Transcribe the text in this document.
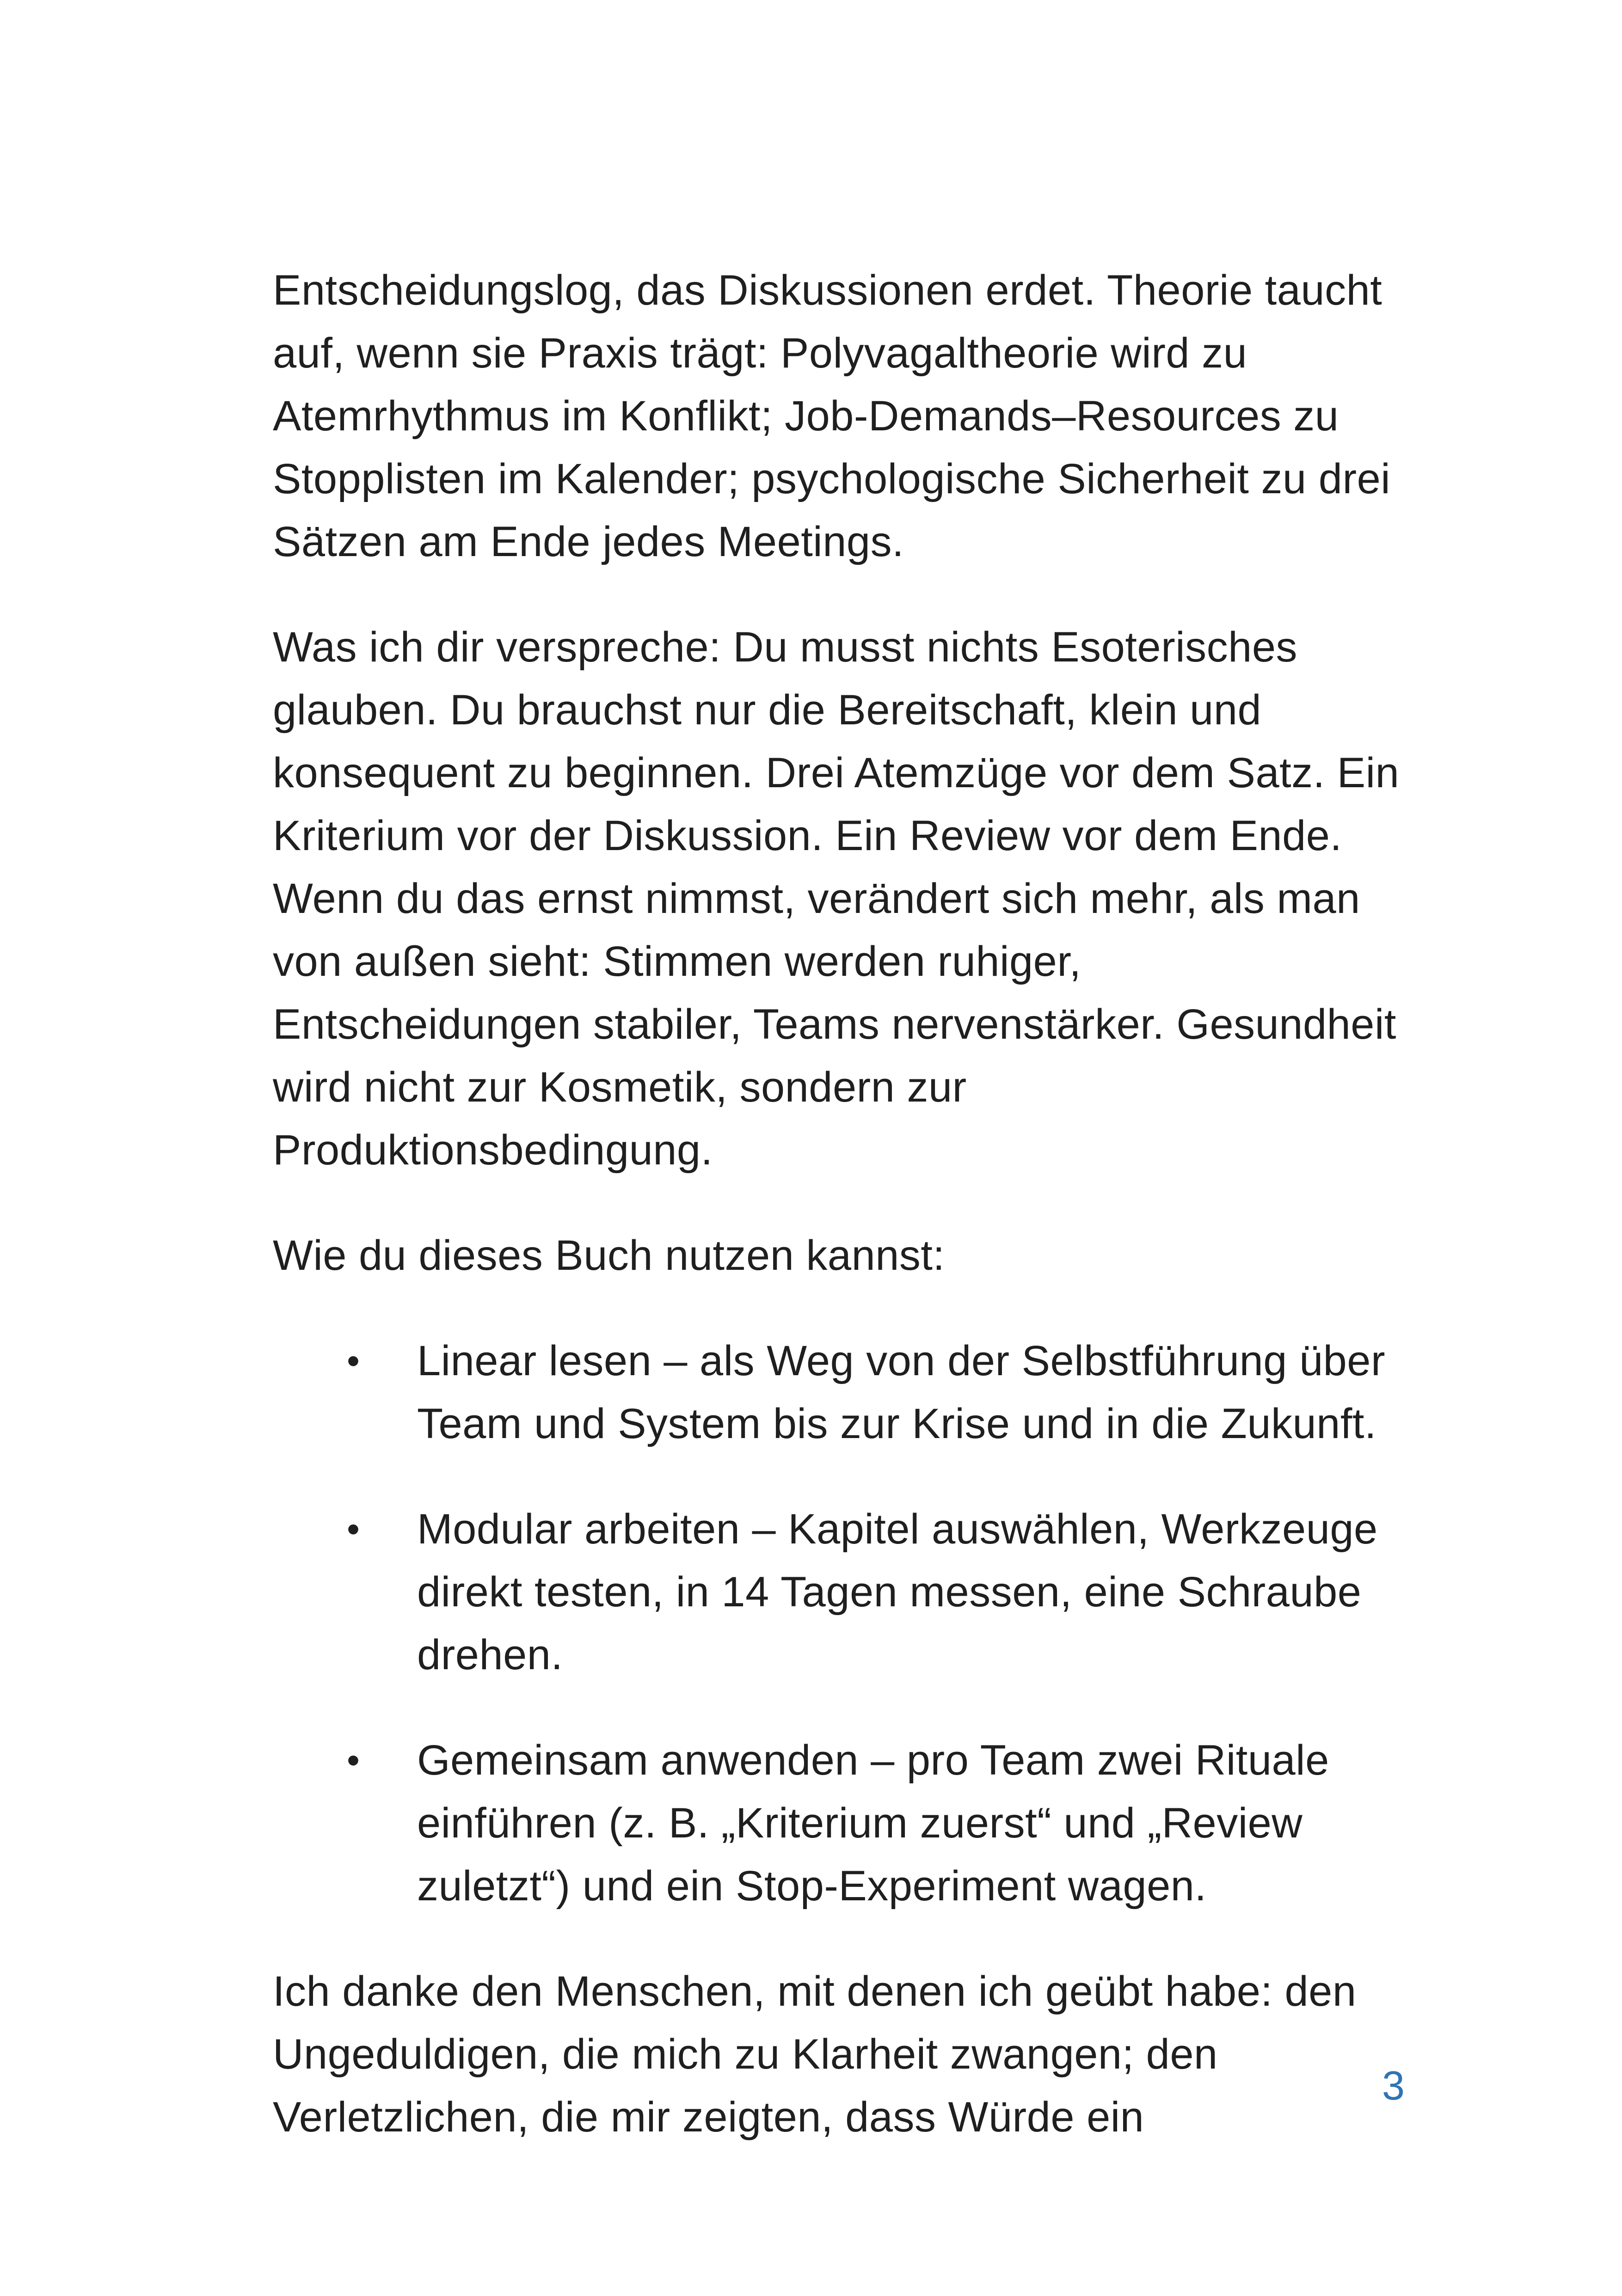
Entscheidungslog, das Diskussionen erdet. Theorie taucht auf, wenn sie Praxis trägt: Polyvagaltheorie wird zu Atemrhythmus im Konflikt; Job-Demands–Resources zu Stopplisten im Kalender; psychologische Sicherheit zu drei Sätzen am Ende jedes Meetings.

Was ich dir verspreche: Du musst nichts Esoterisches glauben. Du brauchst nur die Bereitschaft, klein und konsequent zu beginnen. Drei Atemzüge vor dem Satz. Ein Kriterium vor der Diskussion. Ein Review vor dem Ende. Wenn du das ernst nimmst, verändert sich mehr, als man von außen sieht: Stimmen werden ruhiger, Entscheidungen stabiler, Teams nervenstärker. Gesundheit wird nicht zur Kosmetik, sondern zur Produktionsbedingung.

Wie du dieses Buch nutzen kannst:

• Linear lesen – als Weg von der Selbstführung über Team und System bis zur Krise und in die Zukunft.
• Modular arbeiten – Kapitel auswählen, Werkzeuge direkt testen, in 14 Tagen messen, eine Schraube drehen.
• Gemeinsam anwenden – pro Team zwei Rituale einführen (z. B. „Kriterium zuerst“ und „Review zuletzt“) und ein Stop-Experiment wagen.

Ich danke den Menschen, mit denen ich geübt habe: den Ungeduldigen, die mich zu Klarheit zwangen; den Verletzlichen, die mir zeigten, dass Würde ein

3
